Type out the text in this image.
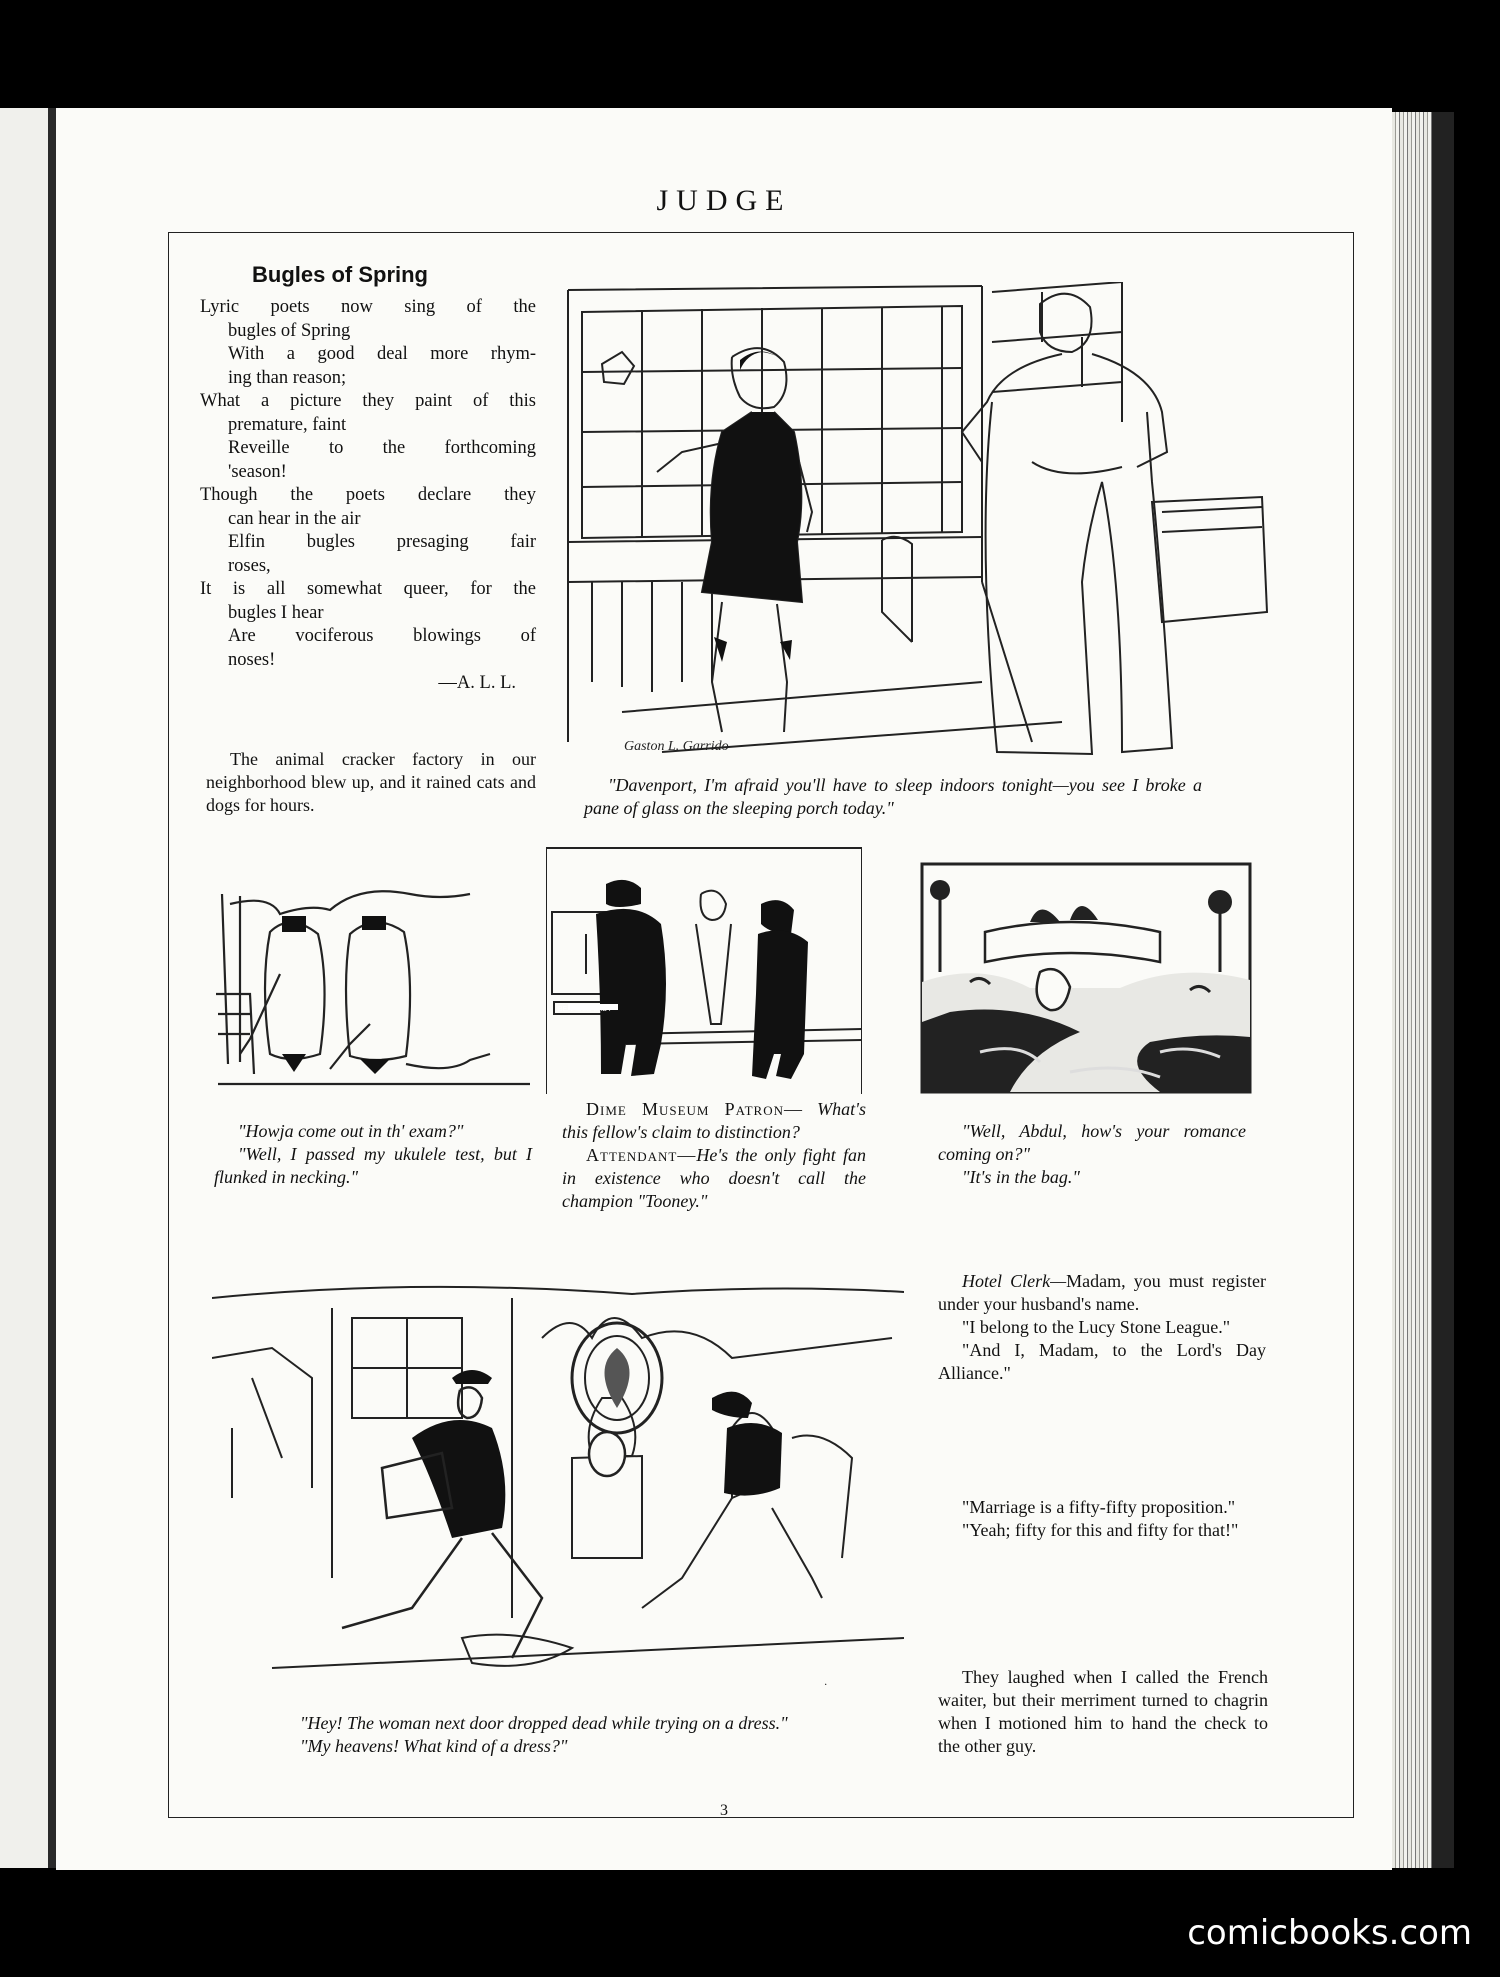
JUDGE
Bugles of Spring
Lyric poets now sing of the
bugles of Spring
With a good deal more rhym-
ing than reason;
What a picture they paint of this
premature, faint
Reveille to the forthcoming
'season!
Though the poets declare they
can hear in the air
Elfin bugles presaging fair
roses,
It is all somewhat queer, for the
bugles I hear
Are vociferous blowings of
noses!
—A. L. L.
The animal cracker factory in our neighborhood blew up, and it rained cats and dogs for hours.
Gaston L. Garrido
"Davenport, I'm afraid you'll have to sleep indoors tonight—you see I broke a pane of glass on the sleeping porch today."
"Howja come out in th' exam?"
"Well, I passed my ukulele test, but I flunked in necking."
BEARDED LADY
Dime Museum Patron— What's this fellow's claim to distinction?
Attendant—He's the only fight fan in existence who doesn't call the champion "Tooney."
"Well, Abdul, how's your romance coming on?"
"It's in the bag."
Hotel Clerk—Madam, you must register under your husband's name.
"I belong to the Lucy Stone League."
"And I, Madam, to the Lord's Day Alliance."
·
"Hey! The woman next door dropped dead while trying on a dress."
"My heavens! What kind of a dress?"
"Marriage is a fifty-fifty proposition."
"Yeah; fifty for this and fifty for that!"
They laughed when I called the French waiter, but their merriment turned to chagrin when I motioned him to hand the check to the other guy.
3
comicbooks.com
